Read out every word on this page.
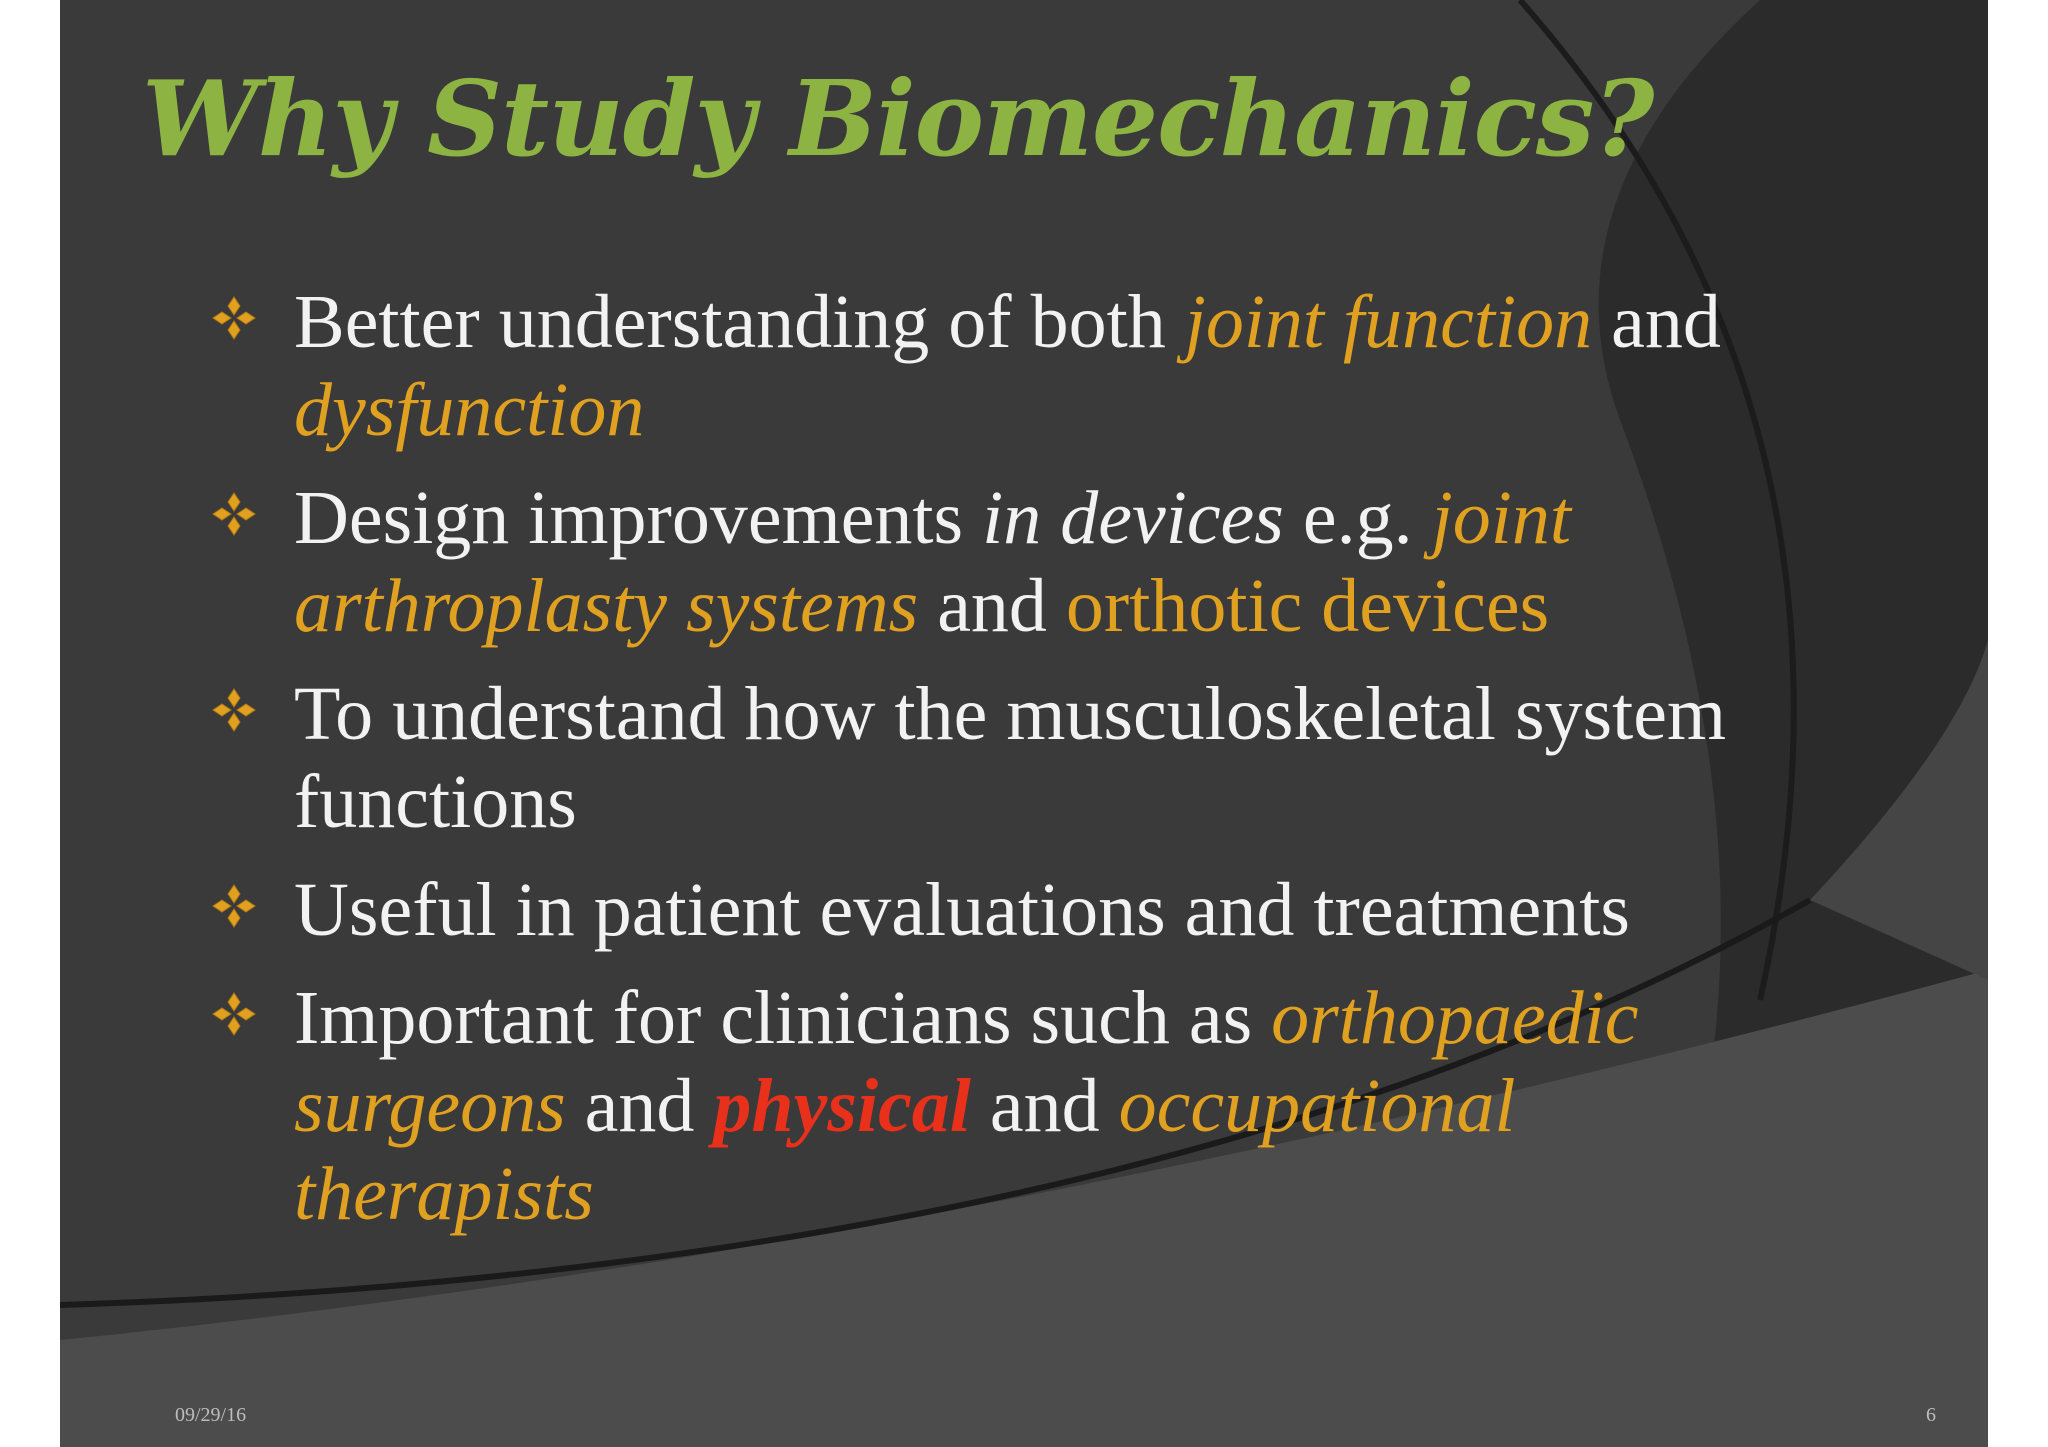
Why Study Biomechanics?
Better understanding of both joint function and dysfunction
Design improvements in devices e.g. joint arthroplasty systems and orthotic devices
To understand how the musculoskeletal system functions
Useful in patient evaluations and treatments
Important for clinicians such as orthopaedic surgeons and physical and occupational therapists
09/29/16	6
